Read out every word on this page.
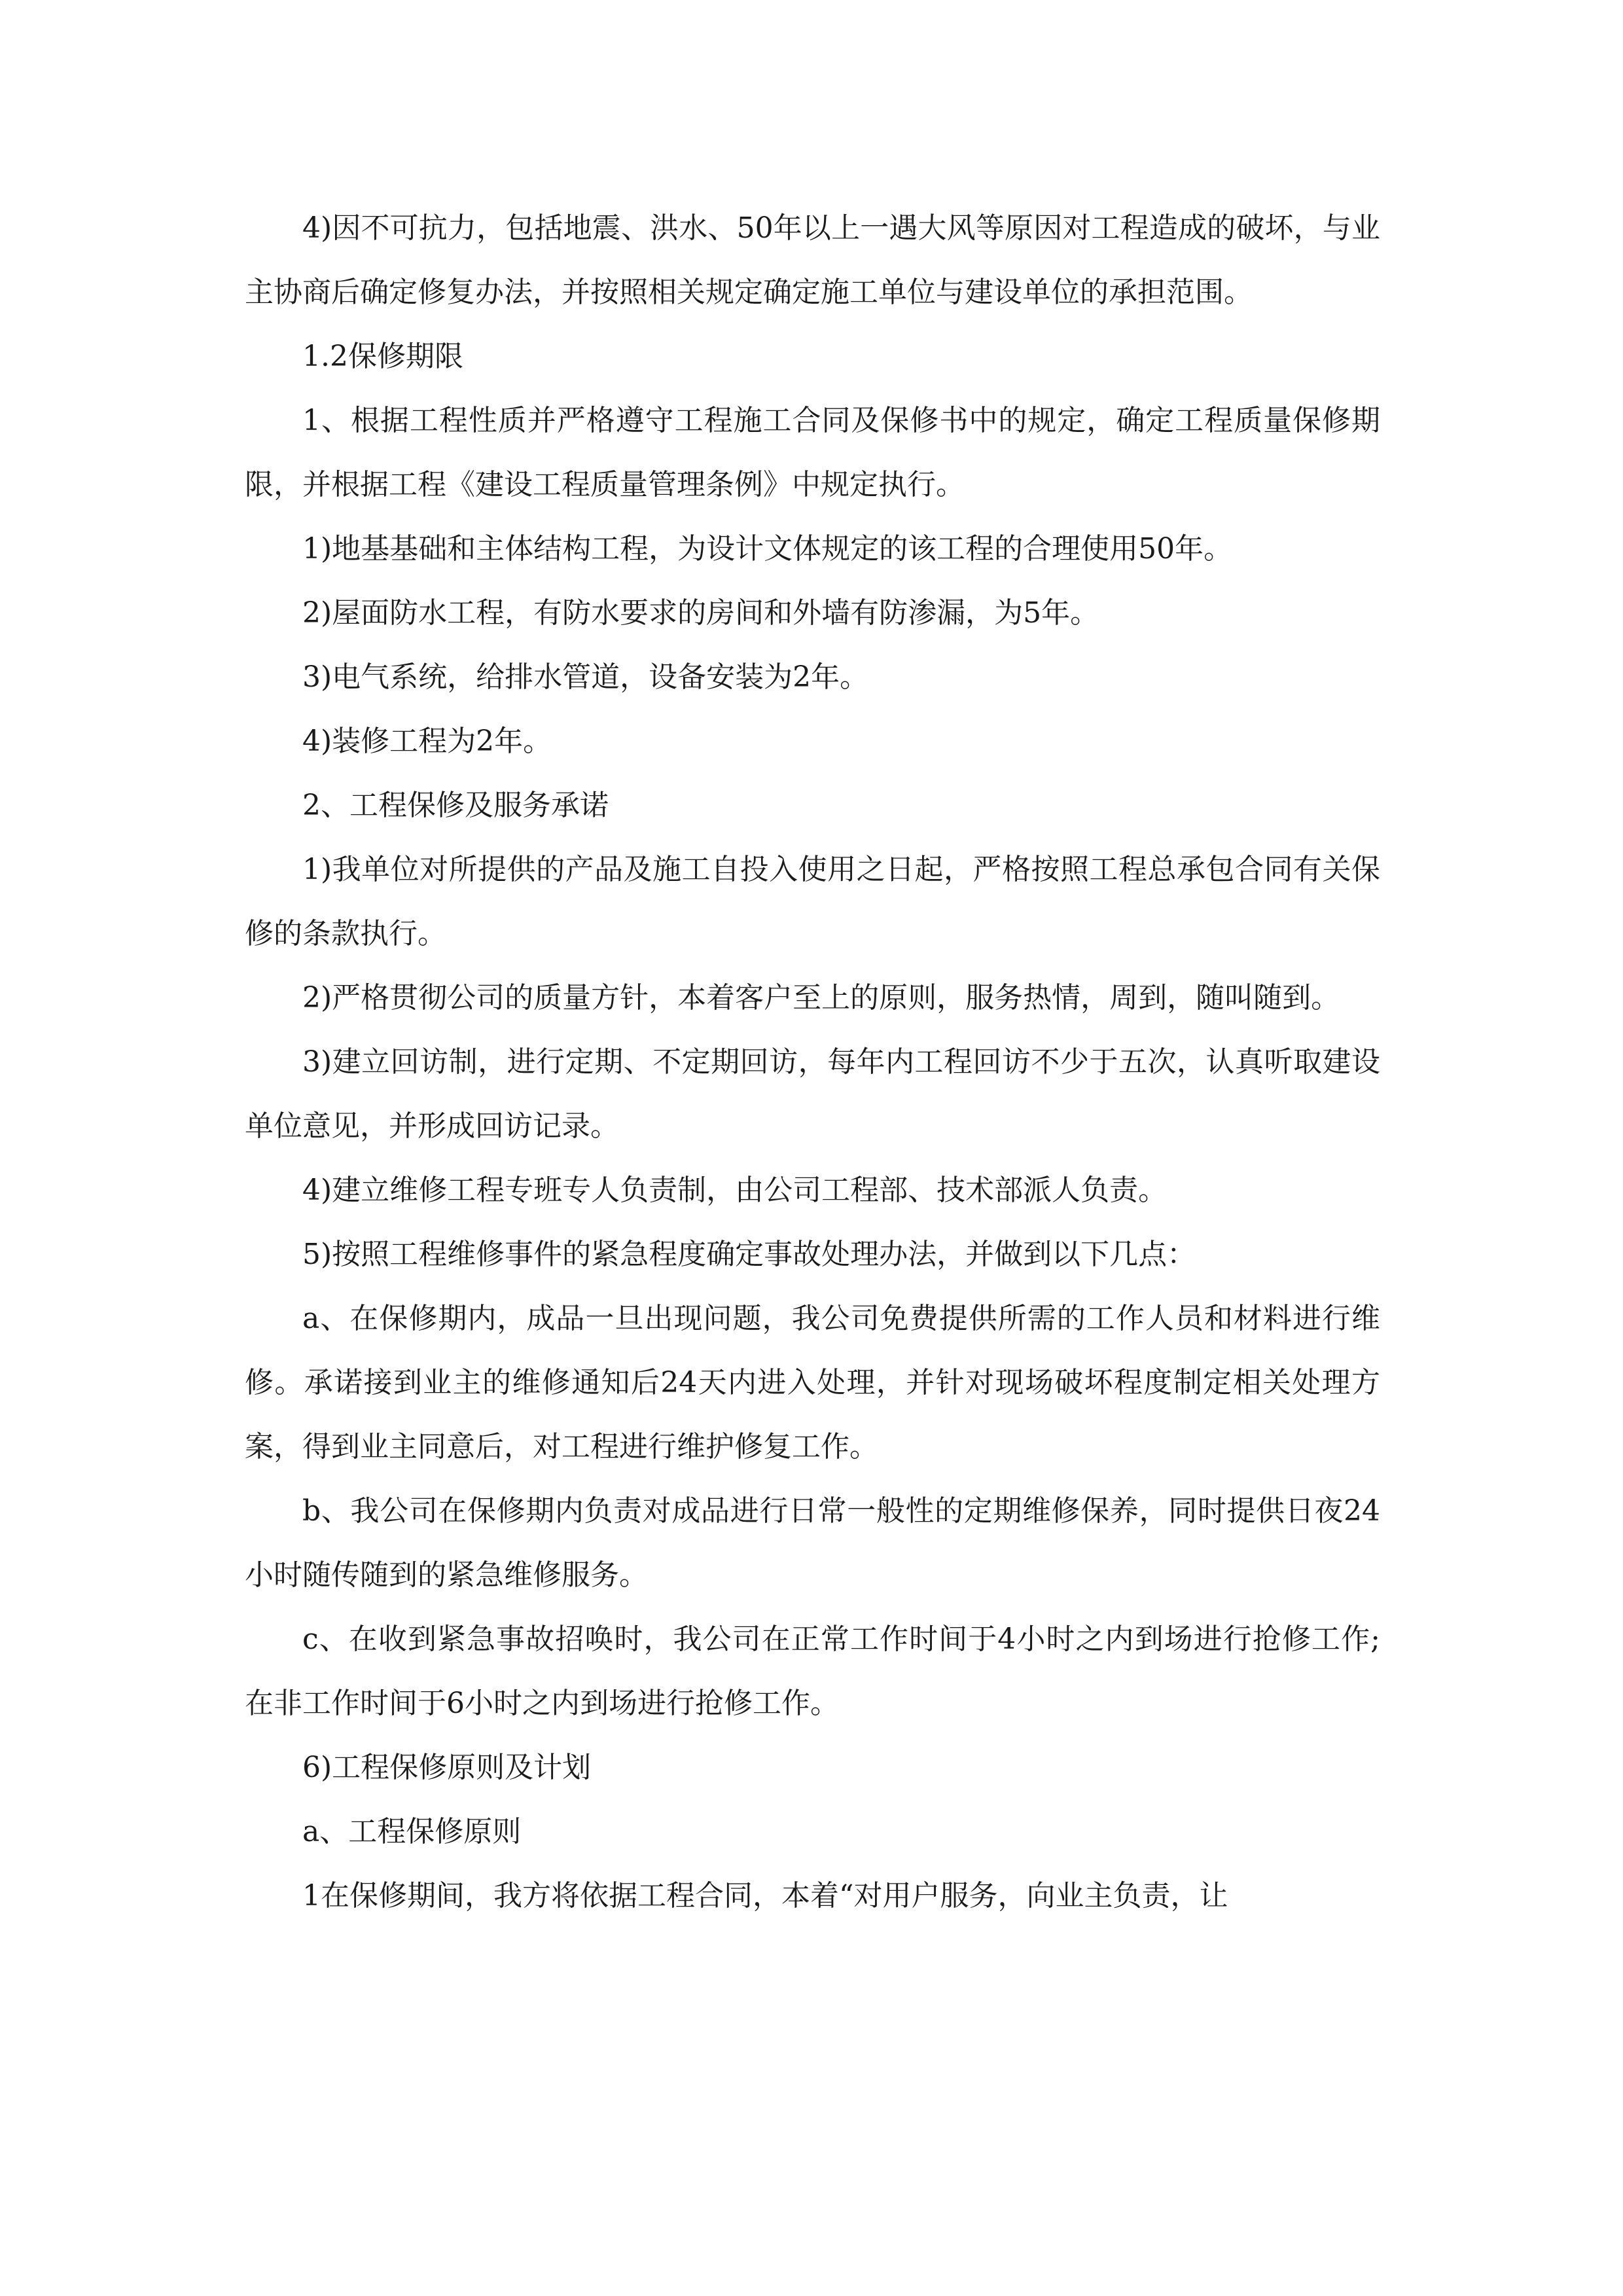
4)因不可抗力，包括地震、洪水、50年以上一遇大风等原因对工程造成的破坏，与业主协商后确定修复办法，并按照相关规定确定施工单位与建设单位的承担范围。

1.2保修期限

1、根据工程性质并严格遵守工程施工合同及保修书中的规定，确定工程质量保修期限，并根据工程《建设工程质量管理条例》中规定执行。

1)地基基础和主体结构工程，为设计文体规定的该工程的合理使用50年。

2)屋面防水工程，有防水要求的房间和外墙有防渗漏，为5年。

3)电气系统，给排水管道，设备安装为2年。

4)装修工程为2年。

2、工程保修及服务承诺

1)我单位对所提供的产品及施工自投入使用之日起，严格按照工程总承包合同有关保修的条款执行。

2)严格贯彻公司的质量方针，本着客户至上的原则，服务热情，周到，随叫随到。

3)建立回访制，进行定期、不定期回访，每年内工程回访不少于五次，认真听取建设单位意见，并形成回访记录。

4)建立维修工程专班专人负责制，由公司工程部、技术部派人负责。

5)按照工程维修事件的紧急程度确定事故处理办法，并做到以下几点：

a、在保修期内，成品一旦出现问题，我公司免费提供所需的工作人员和材料进行维修。承诺接到业主的维修通知后24天内进入处理，并针对现场破坏程度制定相关处理方案，得到业主同意后，对工程进行维护修复工作。

b、我公司在保修期内负责对成品进行日常一般性的定期维修保养，同时提供日夜24小时随传随到的紧急维修服务。

c、在收到紧急事故招唤时，我公司在正常工作时间于4小时之内到场进行抢修工作;在非工作时间于6小时之内到场进行抢修工作。

6)工程保修原则及计划

a、工程保修原则

1在保修期间，我方将依据工程合同，本着“对用户服务，向业主负责，让
